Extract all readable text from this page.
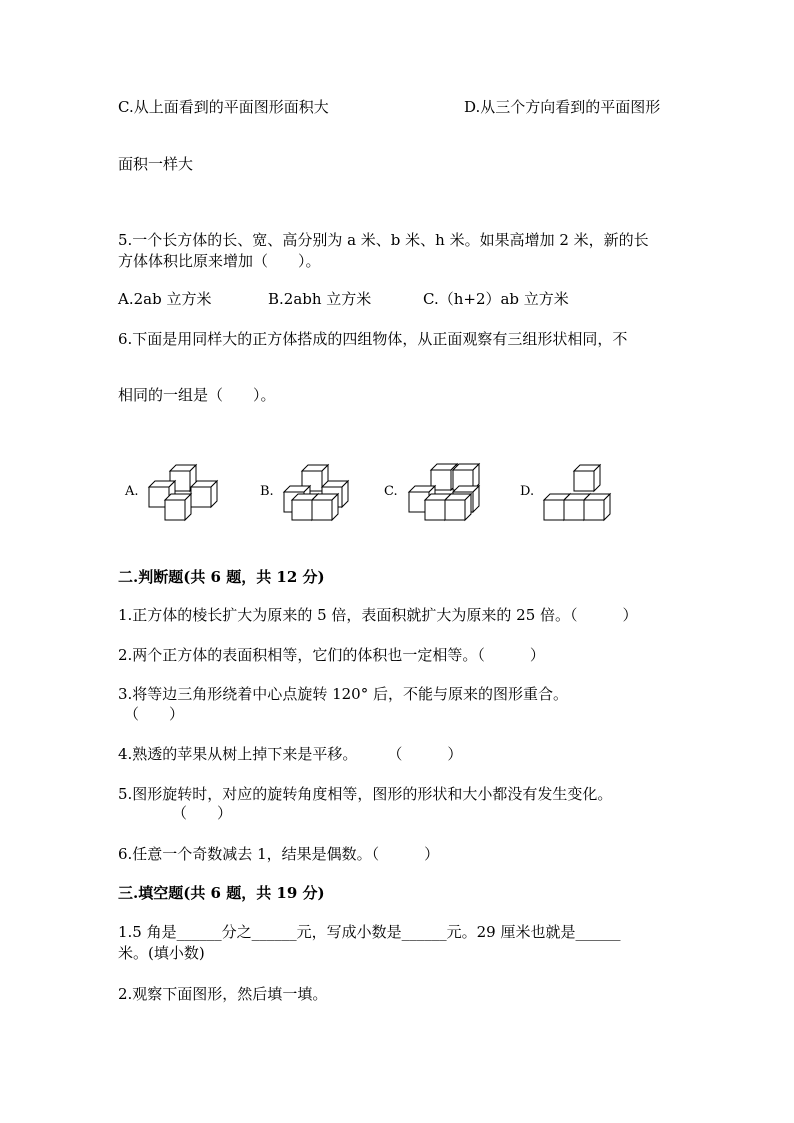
C.从上面看到的平面图形面积大	D.从三个方向看到的平面图形
面积一样大
5.一个长方体的长、宽、高分别为 a 米、b 米、h 米。如果高增加 2 米，新的长
方体体积比原来增加（　　）。
A.2ab 立方米	B.2abh 立方米	C.（h+2）ab 立方米
6.下面是用同样大的正方体搭成的四组物体，从正面观察有三组形状相同，不
相同的一组是（　　）。
A.	B.	C.	D.
二.判断题(共 6 题，共 12 分)
1.正方体的棱长扩大为原来的 5 倍，表面积就扩大为原来的 25 倍。（　　　）
2.两个正方体的表面积相等，它们的体积也一定相等。（　　　）
3.将等边三角形绕着中心点旋转 120° 后，不能与原来的图形重合。
（　　）
4.熟透的苹果从树上掉下来是平移。　　　（　　　）
5.图形旋转时，对应的旋转角度相等，图形的形状和大小都没有发生变化。
（　　）
6.任意一个奇数减去 1，结果是偶数。（　　　）
三.填空题(共 6 题，共 19 分)
1.5 角是______分之______元，写成小数是______元。29 厘米也就是______
米。(填小数)
2.观察下面图形，然后填一填。
